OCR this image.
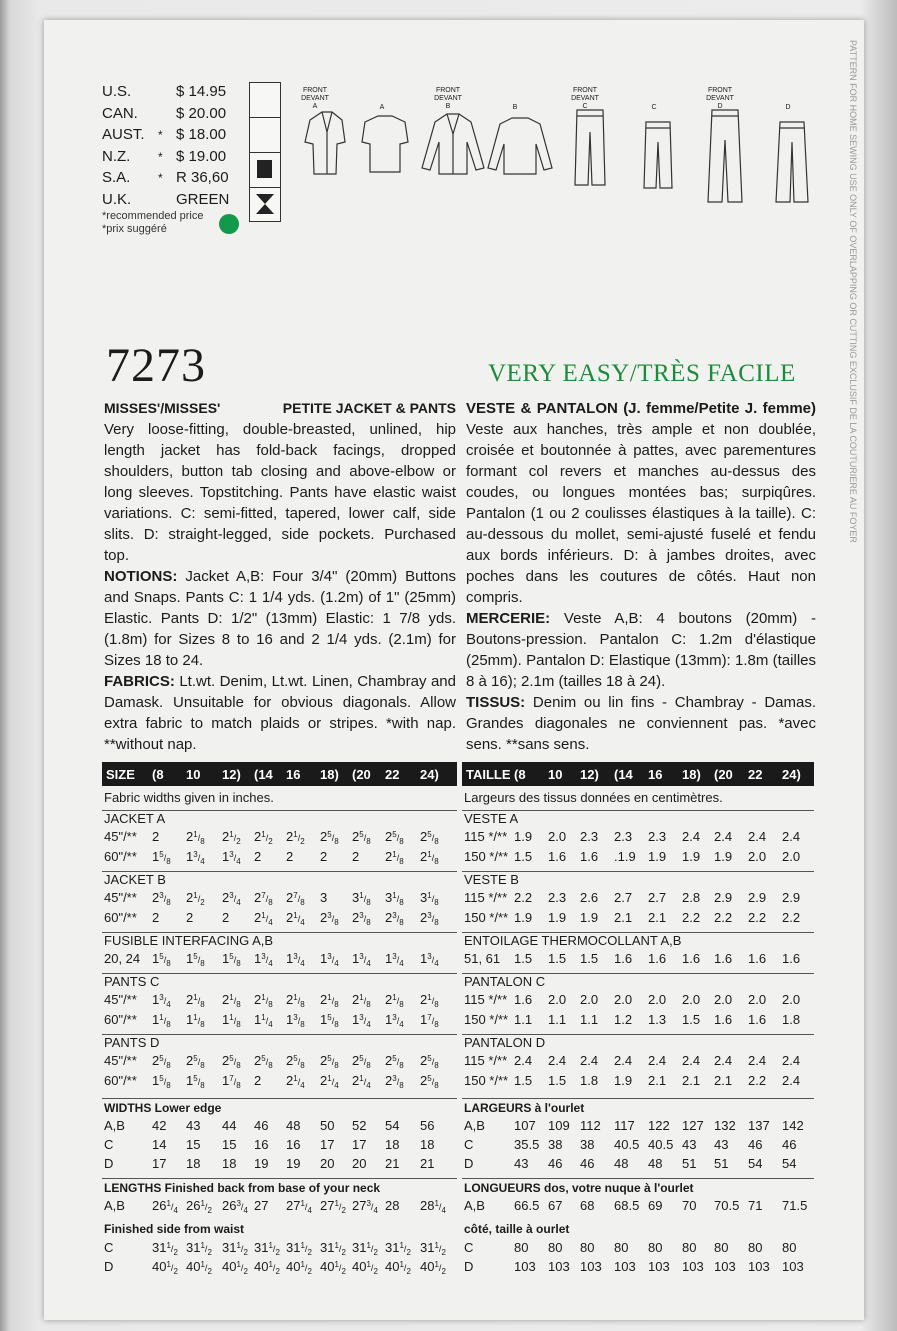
PATTERN FOR HOME SEWING USE ONLY OF OVERLAPPING OR CUTTING EXCLUSIF DE LA COUTURIERE AU FOYER
U.S.	$ 14.95
CAN.	$ 20.00
AUST. * $ 18.00
N.Z. * $ 19.00
S.A. * R 36,60
U.K.	GREEN
*recommended price
*prix suggéré
FRONT
DEVANT
A	A
FRONT
DEVANT
B	B
FRONT
DEVANT
C	C
FRONT
DEVANT
D	D
7273	VERY EASY/TRÈS FACILE
MISSES'/MISSES'	PETITE JACKET & PANTS
Very loose-fitting, double-breasted, unlined, hip length jacket has fold-back facings, dropped shoulders, button tab closing and above-elbow or long sleeves. Topstitching. Pants have elastic waist variations. C: semi-fitted, tapered, lower calf, side slits. D: straight-legged, side pockets. Purchased top.
NOTIONS: Jacket A,B: Four 3/4" (20mm) Buttons and Snaps. Pants C: 1 1/4 yds. (1.2m) of 1" (25mm) Elastic. Pants D: 1/2" (13mm) Elastic: 1 7/8 yds. (1.8m) for Sizes 8 to 16 and 2 1/4 yds. (2.1m) for Sizes 18 to 24.
FABRICS: Lt.wt. Denim, Lt.wt. Linen, Chambray and Damask. Unsuitable for obvious diagonals. Allow extra fabric to match plaids or stripes. *with nap. **without nap.
VESTE & PANTALON (J. femme/Petite J. femme) Veste aux hanches, très ample et non doublée, croisée et boutonnée à pattes, avec parementures formant col revers et manches au-dessus des coudes, ou longues montées bas; surpiqûres. Pantalon (1 ou 2 coulisses élastiques à la taille). C: au-dessous du mollet, semi-ajusté fuselé et fendu aux bords inférieurs. D: à jambes droites, avec poches dans les coutures de côtés. Haut non compris.
MERCERIE: Veste A,B: 4 boutons (20mm) - Boutons-pression. Pantalon C: 1.2m d'élastique (25mm). Pantalon D: Elastique (13mm): 1.8m (tailles 8 à 16); 2.1m (tailles 18 à 24).
TISSUS: Denim ou lin fins - Chambray - Damas. Grandes diagonales ne conviennent pas. *avec sens. **sans sens.
SIZE (8 10 12) (14 16 18) (20 22 24)
Fabric widths given in inches.
JACKET A
45"/** 2 $2^1/_8$ $2^1/_2$ $2^1/_2$ $2^1/_2$ $2^5/_8$ $2^5/_8$ $2^5/_8$ $2^5/_8$
60"/** $1^5/_8$ $1^3/_4$ $1^3/_4$ 2 2 2 2 $2^1/_8$ $2^1/_8$
JACKET B
45"/** $2^3/_8$ $2^1/_2$ $2^3/_4$ $2^7/_8$ $2^7/_8$ 3 $3^1/_8$ $3^1/_8$ $3^1/_8$
60"/** 2 2 2 $2^1/_4$ $2^1/_4$ $2^3/_8$ $2^3/_8$ $2^3/_8$ $2^3/_8$
FUSIBLE INTERFACING A,B
20, 24 $1^5/_8$ $1^5/_8$ $1^5/_8$ $1^3/_4$ $1^3/_4$ $1^3/_4$ $1^3/_4$ $1^3/_4$ $1^3/_4$
PANTS C
45"/** $1^3/_4$ $2^1/_8$ $2^1/_8$ $2^1/_8$ $2^1/_8$ $2^1/_8$ $2^1/_8$ $2^1/_8$ $2^1/_8$
60"/** $1^1/_8$ $1^1/_8$ $1^1/_8$ $1^1/_4$ $1^3/_8$ $1^5/_8$ $1^3/_4$ $1^3/_4$ $1^7/_8$
PANTS D
45"/** $2^5/_8$ $2^5/_8$ $2^5/_8$ $2^5/_8$ $2^5/_8$ $2^5/_8$ $2^5/_8$ $2^5/_8$ $2^5/_8$
60"/** $1^5/_8$ $1^5/_8$ $1^7/_8$ 2 $2^1/_4$ $2^1/_4$ $2^1/_4$ $2^3/_8$ $2^5/_8$
WIDTHS Lower edge
A,B 42 43 44 46 48 50 52 54 56
C	14 15 15 16 16 17 17 18 18
D	17 18 18 19 19 20 20 21 21
LENGTHS Finished back from base of your neck
A,B $26^1/_4$ $26^1/_2$ $26^3/_4$ 27 $27^1/_4$ $27^1/_2$ $27^3/_4$ 28 $28^1/_4$
Finished side from waist
C	$31^1/_2$ $31^1/_2$ $31^1/_2$ $31^1/_2$ $31^1/_2$ $31^1/_2$ $31^1/_2$ $31^1/_2$ $31^1/_2$
D	$40^1/_2$ $40^1/_2$ $40^1/_2$ $40^1/_2$ $40^1/_2$ $40^1/_2$ $40^1/_2$ $40^1/_2$ $40^1/_2$
TAILLE (8 10 12) (14 16 18) (20 22 24)
Largeurs des tissus données en centimètres.
VESTE A
115 */** 1.9 2.0 2.3 2.3 2.3 2.4 2.4 2.4 2.4
150 */** 1.5 1.6 1.6 .1.9 1.9 1.9 1.9 2.0 2.0
VESTE B
115 */** 2.2 2.3 2.6 2.7 2.7 2.8 2.9 2.9 2.9
150 */** 1.9 1.9 1.9 2.1 2.1 2.2 2.2 2.2 2.2
ENTOILAGE THERMOCOLLANT A,B
51, 61 1.5 1.5 1.5 1.6 1.6 1.6 1.6 1.6 1.6
PANTALON C
115 */** 1.6 2.0 2.0 2.0 2.0 2.0 2.0 2.0 2.0
150 */** 1.1 1.1 1.1 1.2 1.3 1.5 1.6 1.6 1.8
PANTALON D
115 */** 2.4 2.4 2.4 2.4 2.4 2.4 2.4 2.4 2.4
150 */** 1.5 1.5 1.8 1.9 2.1 2.1 2.1 2.2 2.4
LARGEURS à l'ourlet
A,B 107 109 112 117 122 127 132 137 142
C	35.5 38 38 40.5 40.5 43 43 46 46
D	43 46 46 48 48 51 51 54 54
LONGUEURS dos, votre nuque à l'ourlet
A,B 66.5 67 68 68.5 69 70 70.5 71 71.5
côté, taille à ourlet
C	80 80 80 80 80 80 80 80 80
D	103 103 103 103 103 103 103 103 103
